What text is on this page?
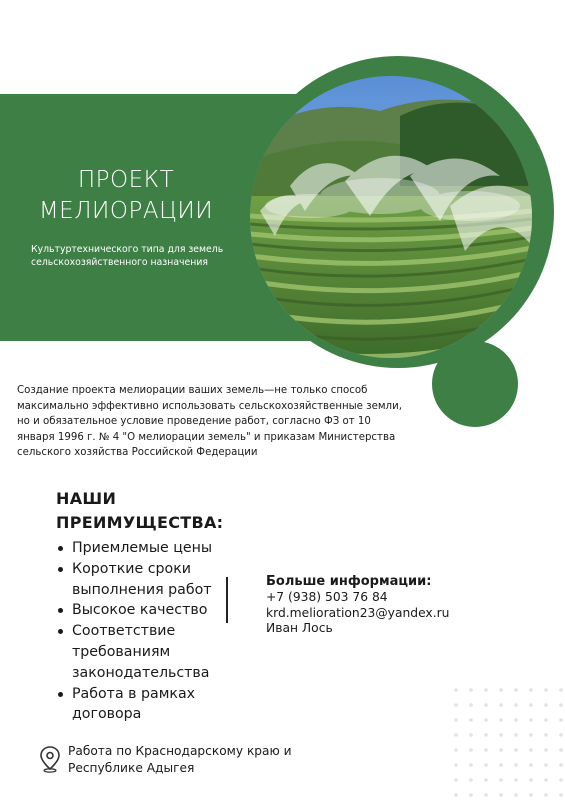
ПРОЕКТ
МЕЛИОРАЦИИ

Культуртехнического типа для земель сельскохозяйственного назначения

Создание проекта мелиорации ваших земель—не только способ максимально эффективно использовать сельскохозяйственные земли, но и обязательное условие проведение работ, согласно ФЗ от 10 января 1996 г. № 4 "О мелиорации земель" и приказам Министерства сельского хозяйства Российской Федерации

НАШИ ПРЕИМУЩЕСТВА:
Приемлемые цены
Короткие сроки выполнения работ
Высокое качество
Соответствие требованиям законодательства
Работа в рамках договора
Больше информации:
+7 (938) 503 76 84
krd.melioration23@yandex.ru
Иван Лось
Работа по Краснодарскому краю и Республике Адыгея
